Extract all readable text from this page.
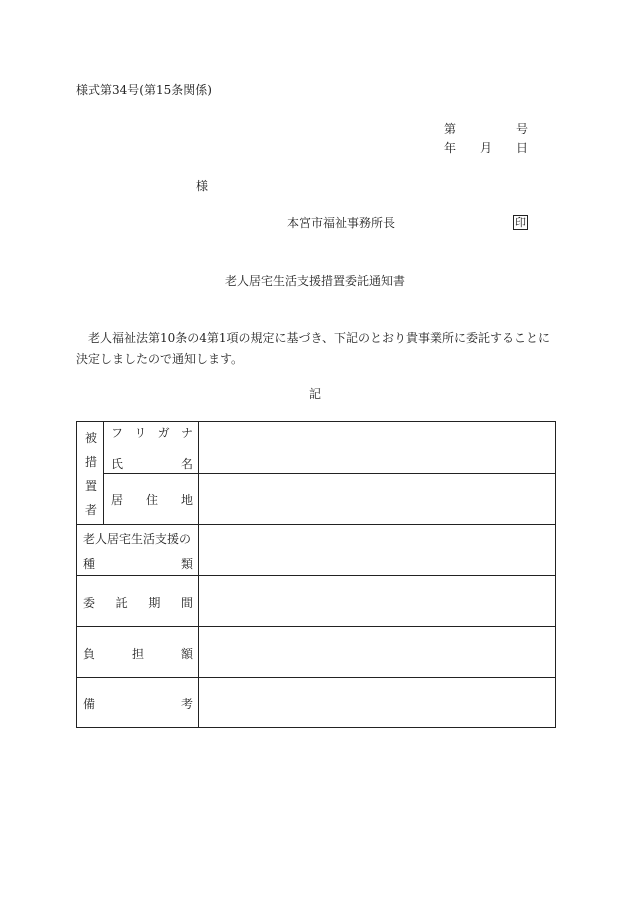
様式第34号(第15条関係)
第	号
年 月 日
様
本宮市福祉事務所長	印
老人居宅生活支援措置委託通知書
老人福祉法第10条の4第1項の規定に基づき、下記のとおり貴事業所に委託することに決定しましたので通知します。
記
被
措
置
者
フ リ ガ ナ
氏	名
居 住 地
老人居宅生活支援の
種	類
委 託 期 間
負	担	額
備	考
